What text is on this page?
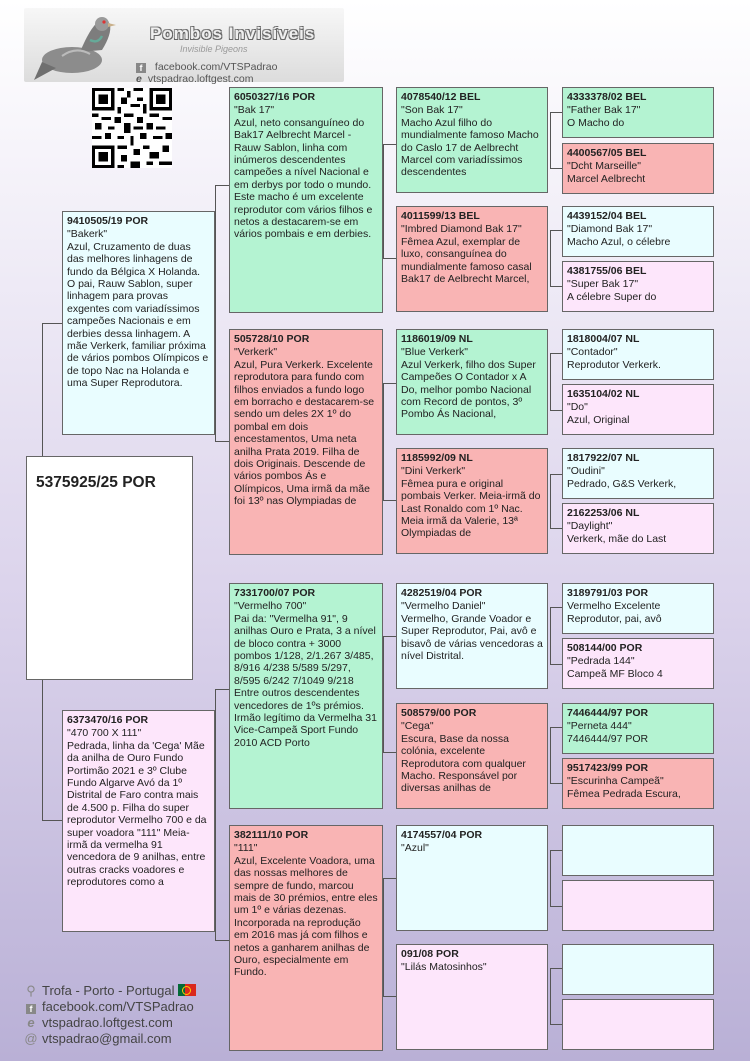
Pombos Invisíveis
Invisible Pigeons
f facebook.com/VTSPadrao e vtspadrao.loftgest.com
5375925/25 POR
9410505/19 POR
"Bakerk"
Azul, Cruzamento de duas das melhores linhagens de fundo da Bélgica X Holanda. O pai, Rauw Sablon, super linhagem para provas exgentes com variadíssimos campeões Nacionais e em derbies dessa linhagem. A mãe Verkerk, familiar próxima de vários pombos Olímpicos e de topo Nac na Holanda e uma Super Reprodutora.
6373470/16 POR
"470 700 X 111"
Pedrada, linha da 'Cega' Mãe da anilha de Ouro Fundo Portimão 2021 e 3º Clube Fundo Algarve Avó da 1º Distrital de Faro contra mais de 4.500 p. Filha do super reprodutor Vermelho 700 e da super voadora "111" Meia-irmã da vermelha 91 vencedora de 9 anilhas, entre outras cracks voadores e reprodutores como a
6050327/16 POR
"Bak 17"
Azul, neto consanguíneo do Bak17 Aelbrecht Marcel - Rauw Sablon, linha com inúmeros descendentes campeões a nível Nacional e em derbys por todo o mundo. Este macho é um excelente reprodutor com vários filhos e netos a destacarem-se em vários pombais e em derbies.
505728/10 POR
"Verkerk"
Azul, Pura Verkerk. Excelente reprodutora para fundo com filhos enviados a fundo logo em borracho e destacarem-se sendo um deles 2X 1º do pombal em dois encestamentos, Uma neta anilha Prata 2019. Filha de dois Originais. Descende de vários pombos Ás e Olímpicos, Uma irmã da mãe foi 13º nas Olympiadas de
7331700/07 POR
"Vermelho 700"
Pai da: "Vermelha 91", 9 anilhas Ouro e Prata, 3 a nível de bloco contra + 3000 pombos 1/128, 2/1.267 3/485, 8/916 4/238 5/589 5/297, 8/595 6/242 7/1049 9/218 Entre outros descendentes vencedores de 1ºs prémios. Irmão legítimo da Vermelha 31 Vice-Campeã Sport Fundo 2010 ACD Porto
382111/10 POR
"111"
Azul, Excelente Voadora, uma das nossas melhores de sempre de fundo, marcou mais de 30 prémios, entre eles um 1º e várias dezenas. Incorporada na reprodução em 2016 mas já com filhos e netos a ganharem anilhas de Ouro, especialmente em Fundo.
4078540/12 BEL
"Son Bak 17"
Macho Azul filho do mundialmente famoso Macho do Caslo 17 de Aelbrecht Marcel com variadíssimos descendentes
4011599/13 BEL
"Imbred Diamond Bak 17"
Fêmea Azul, exemplar de luxo, consanguínea do mundialmente famoso casal Bak17 de Aelbrecht Marcel,
1186019/09 NL
"Blue Verkerk"
Azul Verkerk, filho dos Super Campeões O Contador x A Do, melhor pombo Nacional com Record de pontos, 3º Pombo Ás Nacional,
1185992/09 NL
"Dini Verkerk"
Fêmea pura e original pombais Verker. Meia-irmã do Last Ronaldo com 1º Nac. Meia irmã da Valerie, 13ª Olympiadas de
4282519/04 POR
"Vermelho Daniel"
Vermelho, Grande Voador e Super Reprodutor, Pai, avô e bisavô de várias vencedoras a nível Distrital.
508579/00 POR
"Cega"
Escura, Base da nossa colónia, excelente Reprodutora com qualquer Macho. Responsável por diversas anilhas de
4174557/04 POR
"Azul"
091/08 POR
"Lilás Matosinhos"
4333378/02 BEL
"Father Bak 17"
O Macho do
4400567/05 BEL
"Dcht Marseille"
Marcel Aelbrecht
4439152/04 BEL
"Diamond Bak 17"
Macho Azul, o célebre
4381755/06 BEL
"Super Bak 17"
A célebre Super do
1818004/07 NL
"Contador"
Reprodutor Verkerk.
1635104/02 NL
"Do"
Azul, Original
1817922/07 NL
"Oudini"
Pedrado, G&S Verkerk,
2162253/06 NL
"Daylight"
Verkerk, mãe do Last
3189791/03 POR
Vermelho Excelente
Reprodutor, pai, avô
508144/00 POR
"Pedrada 144"
Campeã MF Bloco 4
7446444/97 POR
"Perneta 444"
7446444/97 POR
9517423/99 POR
"Escurinha Campeã"
Fêmea Pedrada Escura,
⚲ Trofa - Porto - Portugal
f facebook.com/VTSPadrao
e vtspadrao.loftgest.com
@ vtspadrao@gmail.com
